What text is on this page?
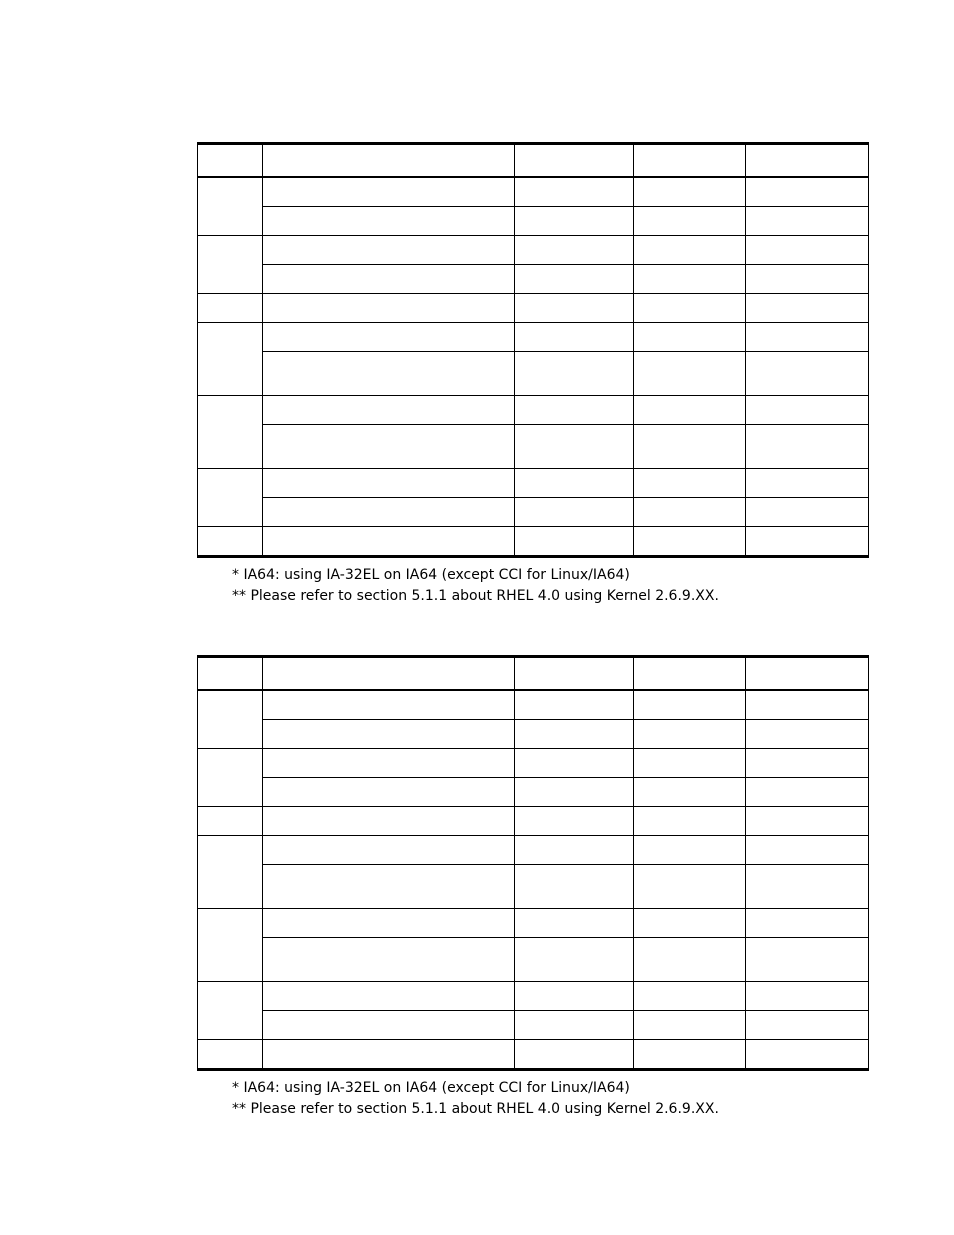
* IA64: using IA-32EL on IA64 (except CCI for Linux/IA64)
** Please refer to section 5.1.1 about RHEL 4.0 using Kernel 2.6.9.XX.

* IA64: using IA-32EL on IA64 (except CCI for Linux/IA64)
** Please refer to section 5.1.1 about RHEL 4.0 using Kernel 2.6.9.XX.
